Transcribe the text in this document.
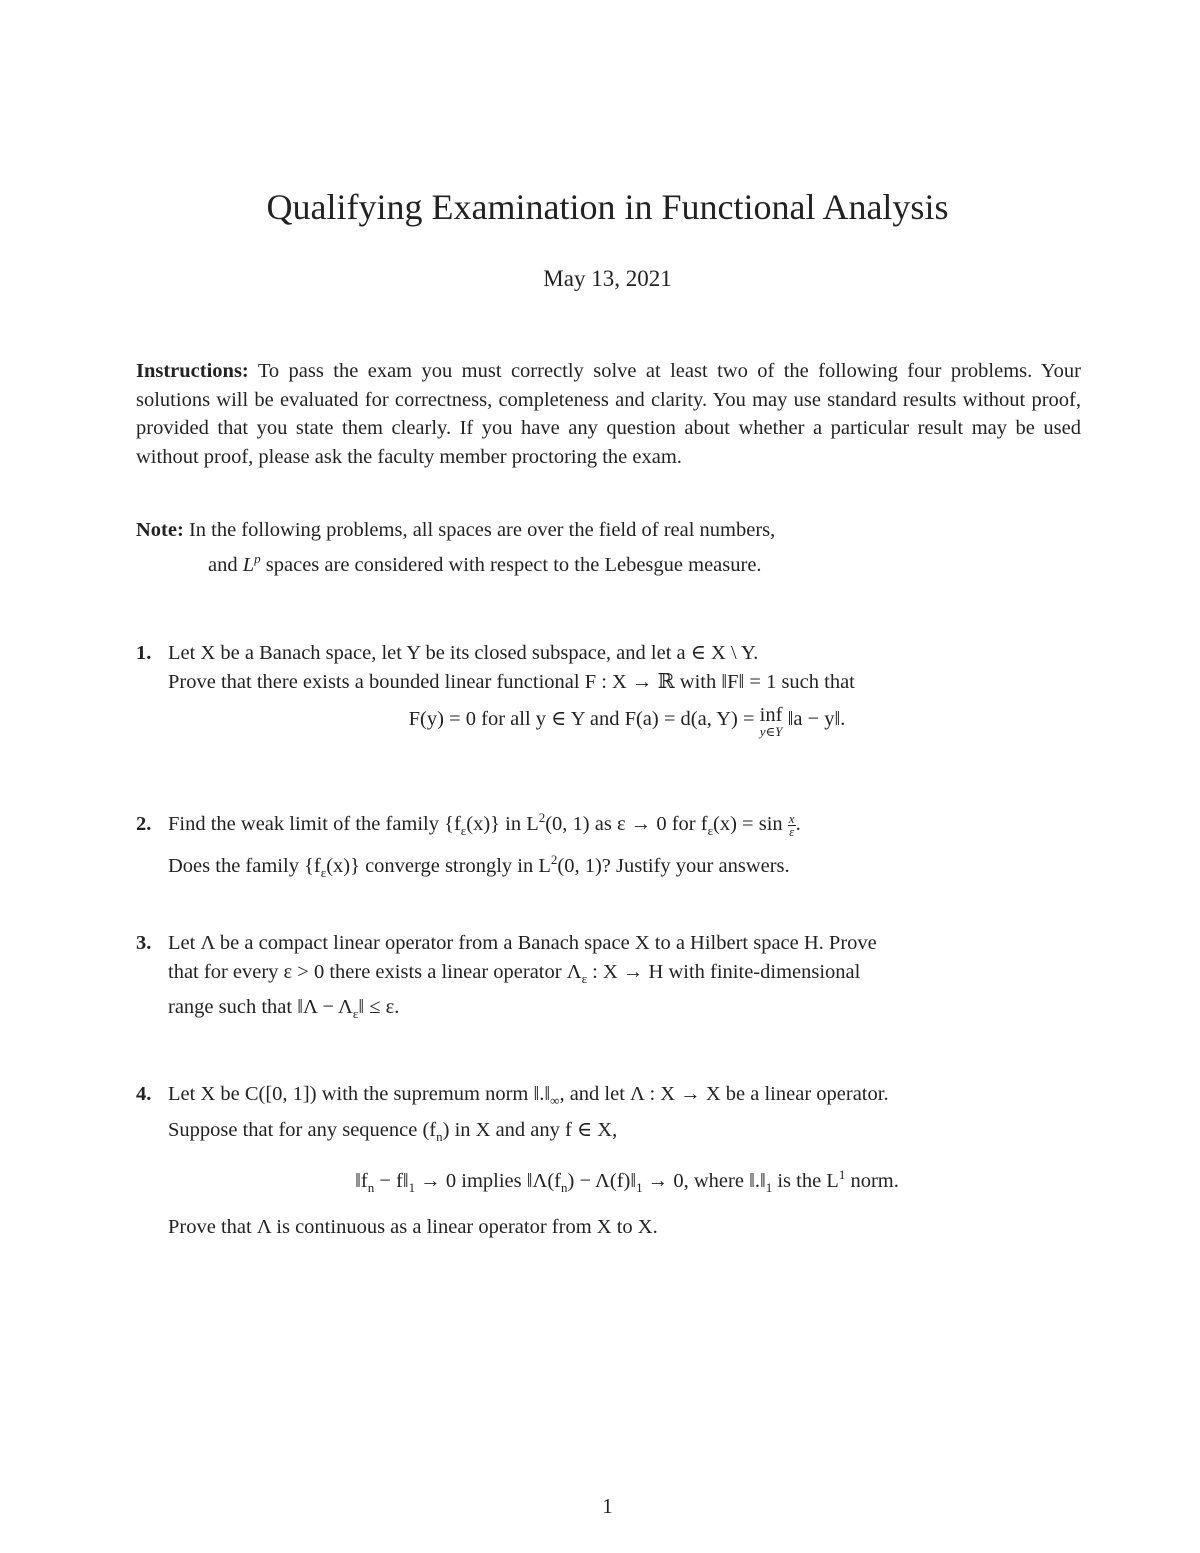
Qualifying Examination in Functional Analysis
May 13, 2021

Instructions: To pass the exam you must correctly solve at least two of the following four problems. Your solutions will be evaluated for correctness, completeness and clarity. You may use standard results without proof, provided that you state them clearly. If you have any question about whether a particular result may be used without proof, please ask the faculty member proctoring the exam.

Note: In the following problems, all spaces are over the field of real numbers,
and $L^p$ spaces are considered with respect to the Lebesgue measure.
1. Let X be a Banach space, let Y be its closed subspace, and let a ∈ X \ Y.
Prove that there exists a bounded linear functional F : X → ℝ with ‖F‖ = 1 such that
F(y) = 0 for all y ∈ Y and F(a) = d(a, Y) = inf
y∈Y
‖a − y‖.
2. Find the weak limit of the family $\{f_\varepsilon(x)\}$ in $L^2(0$, 1) as ε → 0 for $f_\varepsilon(x) = \sin \frac{x}{\varepsilon}$ .
Does the family $\{f_\varepsilon(x)\}$ converge strongly in $L^2(0$, 1)? Justify your answers.
3. Let Λ be a compact linear operator from a Banach space X to a Hilbert space H. Prove
that for every ε > 0 there exists a linear operator $\Lambda_\varepsilon$ : X → H with finite-dimensional
range such that ‖Λ − $\Lambda_\varepsilon‖ \le \varepsilon$.
4. Let X be C([0, 1]) with the supremum norm $‖.‖_\infty$, and let Λ : X → X be a linear operator.
Suppose that for any sequence $(f_n)$ in X and any f ∈ X,
$‖f_n$ − $f‖_1 \to 0$ implies $‖\Lambda(f_n)$ − $\Lambda(f)‖_1 \to 0$, where $‖.‖_1$ is the $L^1$ norm.
Prove that Λ is continuous as a linear operator from X to X.
1
